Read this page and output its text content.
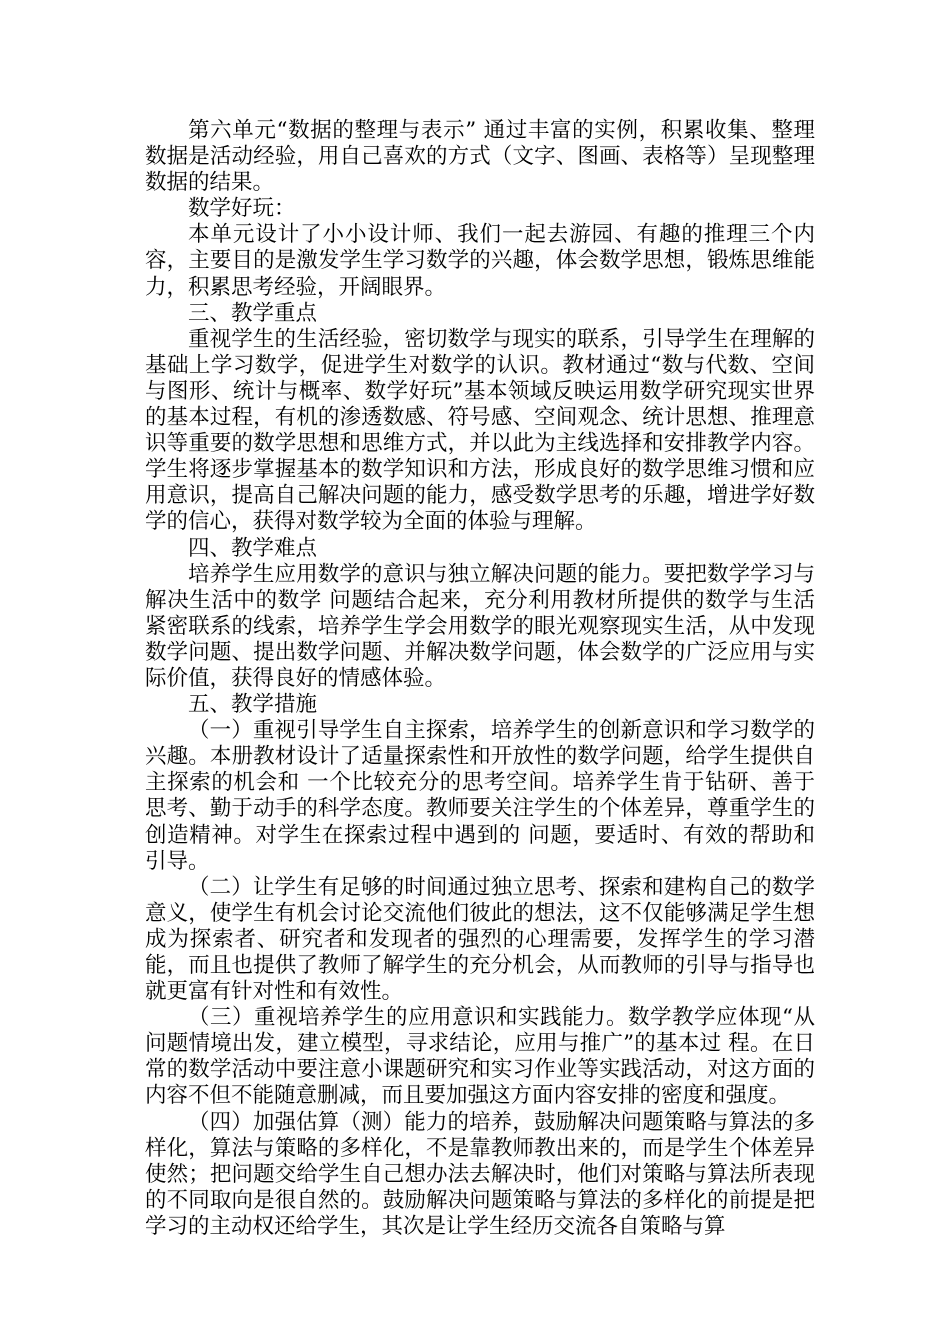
第六单元“数据的整理与表示” 通过丰富的实例，积累收集、整理数据是活动经验，用自己喜欢的方式（文字、图画、表格等）呈现整理数据的结果。

数学好玩：

本单元设计了小小设计师、我们一起去游园、有趣的推理三个内容，主要目的是激发学生学习数学的兴趣，体会数学思想，锻炼思维能力，积累思考经验，开阔眼界。

三、教学重点

重视学生的生活经验，密切数学与现实的联系，引导学生在理解的基础上学习数学，促进学生对数学的认识。教材通过“数与代数、空间与图形、统计与概率、数学好玩”基本领域反映运用数学研究现实世界的基本过程，有机的渗透数感、符号感、空间观念、统计思想、推理意识等重要的数学思想和思维方式，并以此为主线选择和安排教学内容。学生将逐步掌握基本的数学知识和方法，形成良好的数学思维习惯和应用意识，提高自己解决问题的能力，感受数学思考的乐趣，增进学好数学的信心，获得对数学较为全面的体验与理解。

四、教学难点

培养学生应用数学的意识与独立解决问题的能力。要把数学学习与解决生活中的数学 问题结合起来，充分利用教材所提供的数学与生活紧密联系的线索，培养学生学会用数学的眼光观察现实生活，从中发现数学问题、提出数学问题、并解决数学问题，体会数学的广泛应用与实际价值，获得良好的情感体验。

五、教学措施

（一）重视引导学生自主探索，培养学生的创新意识和学习数学的兴趣。本册教材设计了适量探索性和开放性的数学问题，给学生提供自主探索的机会和 一个比较充分的思考空间。培养学生肯于钻研、善于思考、勤于动手的科学态度。教师要关注学生的个体差异，尊重学生的创造精神。对学生在探索过程中遇到的 问题，要适时、有效的帮助和引导。

（二）让学生有足够的时间通过独立思考、探索和建构自己的数学意义，使学生有机会讨论交流他们彼此的想法，这不仅能够满足学生想成为探索者、研究者和发现者的强烈的心理需要，发挥学生的学习潜能，而且也提供了教师了解学生的充分机会，从而教师的引导与指导也就更富有针对性和有效性。

（三）重视培养学生的应用意识和实践能力。数学教学应体现“从问题情境出发，建立模型，寻求结论，应用与推广”的基本过 程。在日常的数学活动中要注意小课题研究和实习作业等实践活动，对这方面的内容不但不能随意删减，而且要加强这方面内容安排的密度和强度。

（四）加强估算（测）能力的培养，鼓励解决问题策略与算法的多样化，算法与策略的多样化，不是靠教师教出来的，而是学生个体差异使然；把问题交给学生自己想办法去解决时，他们对策略与算法所表现的不同取向是很自然的。鼓励解决问题策略与算法的多样化的前提是把学习的主动权还给学生，其次是让学生经历交流各自策略与算
